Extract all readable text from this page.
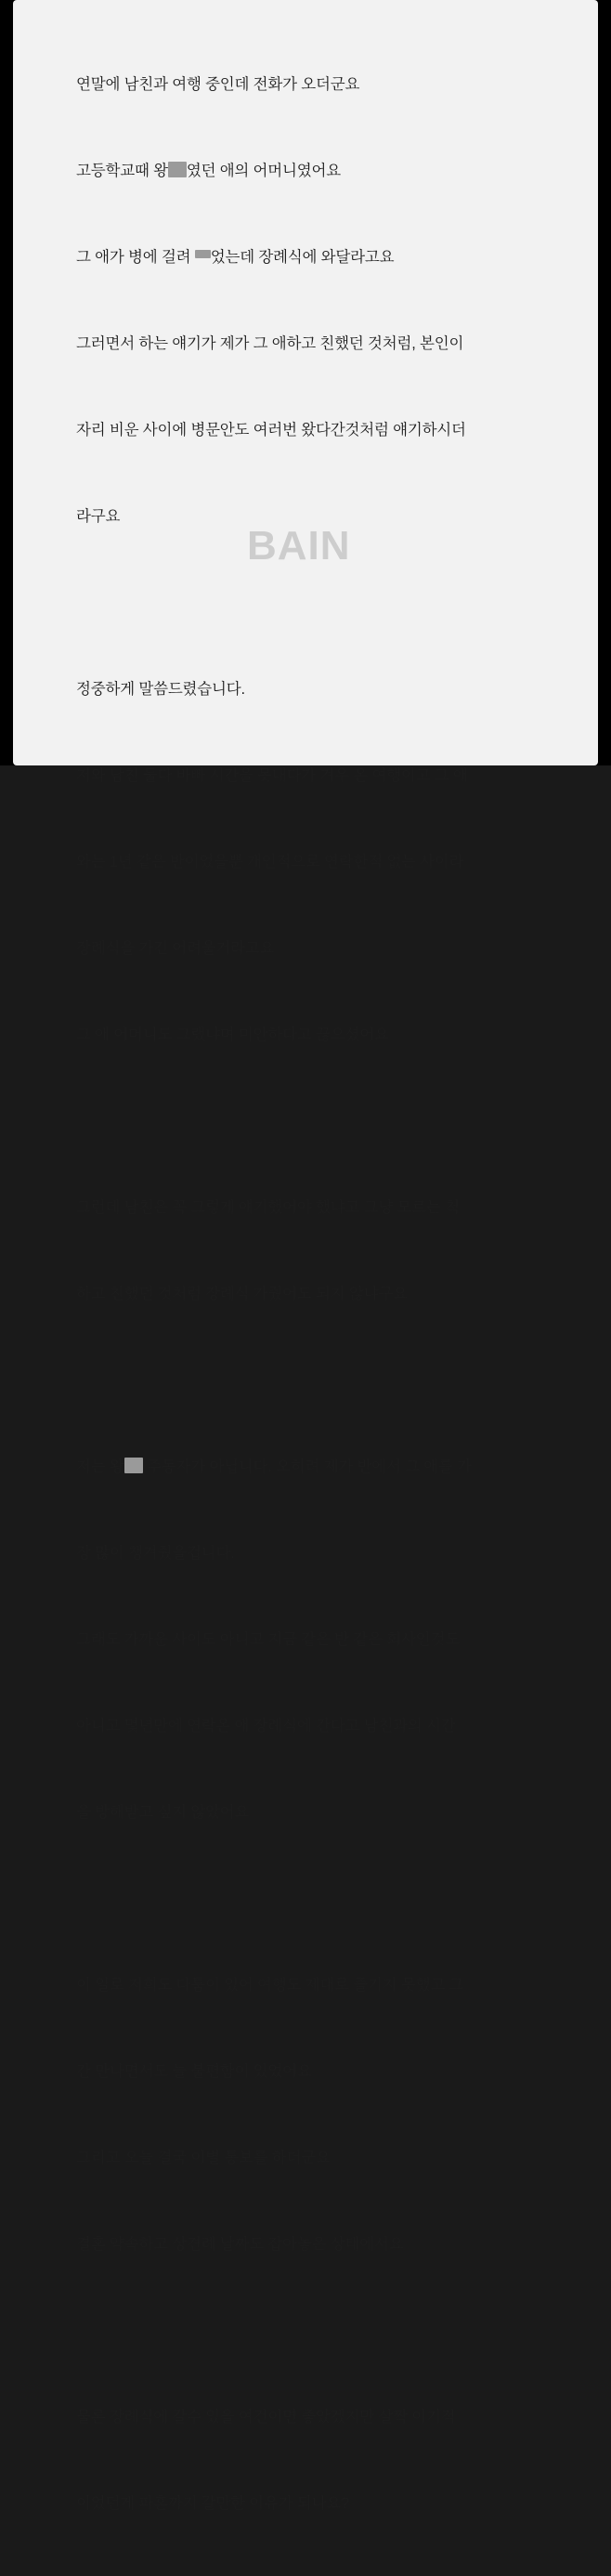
연말에 남친과 여행 중인데 전화가 오더군요

고등학교때 왕 였던 애의 어머니였어요

그 애가 병에 걸려 었는데 장례식에 와달라고요

그러면서 하는 얘기가 제가 그 애하고 친했던 것처럼, 본인이

자리 비운 사이에 병문안도 여러번 왔다간것처럼 얘기하시더

라구요

정중하게 말씀드렸습니다.

저와 남친 둘다 바빠 시간을 못내다가 겨우 온 여행이고 그 애

와는 1년 같은 반이었을뿐 개인적으로 연락한적 없는 사이라

장례식을 가긴 어려울거라고요

그 애 어머니도 그랬냐며 미안하다고 끊으셨어요

그런데 남친은 꼭 그렇게 얘기했어야 했냐고 그냥 모르는 척

하고 친했던 것처럼 장례식 가줬어도 되지 않냐구요

저는 왕 주동자가 아닙니다. 오히려 제가 반에서 그 애를 가

장 많이 챙겨줬을겁니다.

그래도 가까운 사이도 아니고 지금 같은 반 같은 회사인것도

아니고 몇년만에 연락온 애 장례식에 간다고 남친과의 시간

을 방해받고 싶지 않았어요

이 일로 저희도 다툼이 있어 여행도 제대로 즐기지 못했고 그

간 만나면서도 늘 불편함이 있었어요

그리고 오늘 결국 이별 통보를 하더군요

결혼 약속하고 상견례 날짜도 잡아놓은 상태에서요

물론 장례식에 갈수 있을 여건이면 좋았겠지만 살짝 이기적

이었던게 파혼까지 갈만한 이유가 되나요?

BAIN
